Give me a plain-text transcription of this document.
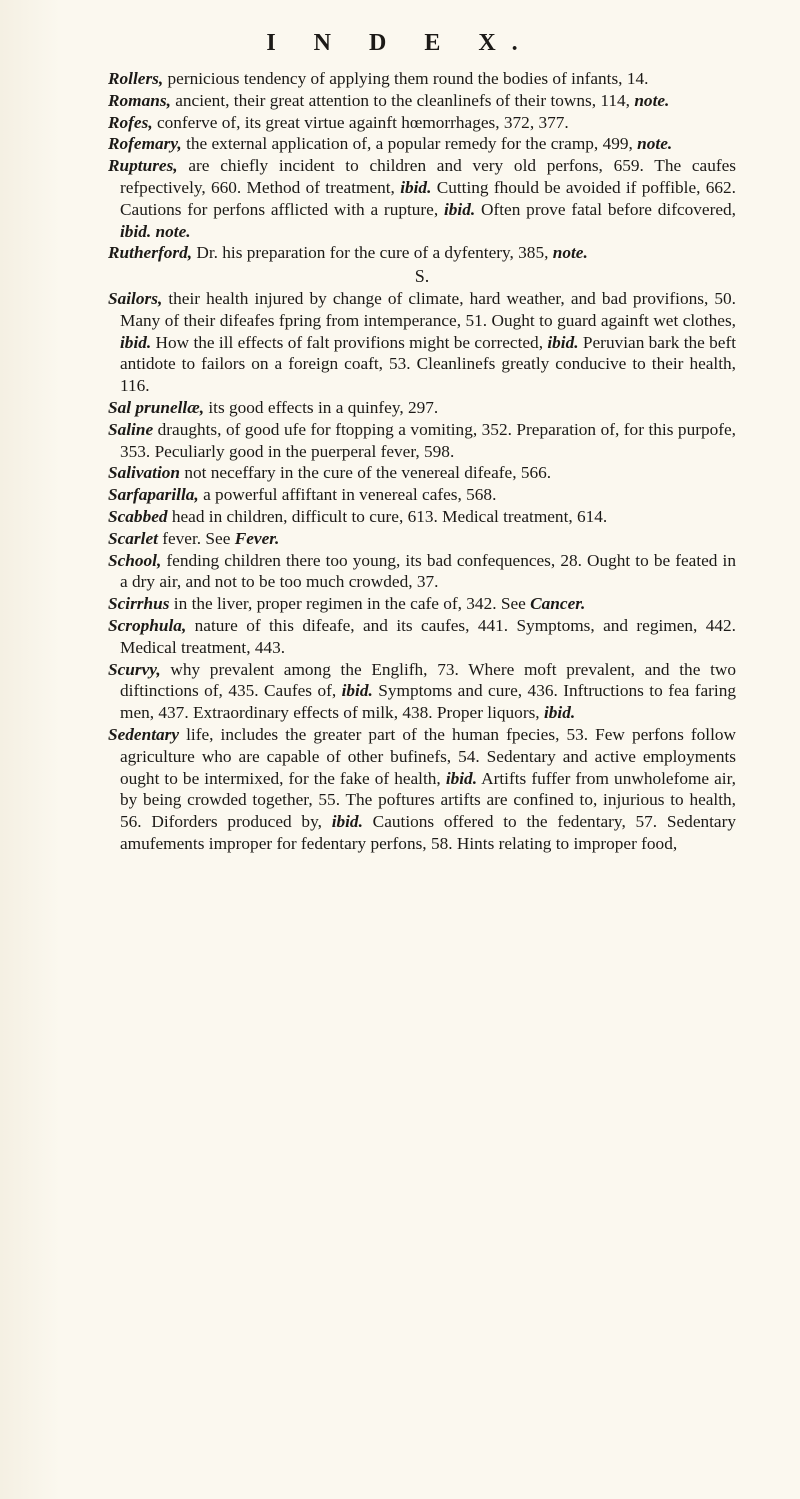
I N D E X.

Rollers, pernicious tendency of applying them round the bodies of infants, 14.

Romans, ancient, their great attention to the cleanlinefs of their towns, 114, note.

Rofes, conferve of, its great virtue againft hœmorrhages, 372, 377.

Rofemary, the external application of, a popular remedy for the cramp, 499, note.

Ruptures, are chiefly incident to children and very old perfons, 659. The caufes refpectively, 660. Method of treatment, ibid. Cutting fhould be avoided if poffible, 662. Cautions for perfons afflicted with a rupture, ibid. Often prove fatal before difcovered, ibid. note.

Rutherford, Dr. his preparation for the cure of a dyfentery, 385, note.

S.

Sailors, their health injured by change of climate, hard weather, and bad provifions, 50. Many of their difeafes fpring from intemperance, 51. Ought to guard againft wet clothes, ibid. How the ill effects of falt provifions might be corrected, ibid. Peruvian bark the beft antidote to failors on a foreign coaft, 53. Cleanlinefs greatly conducive to their health, 116.

Sal prunellæ, its good effects in a quinfey, 297.

Saline draughts, of good ufe for ftopping a vomiting, 352. Preparation of, for this purpofe, 353. Peculiarly good in the puerperal fever, 598.

Salivation not neceffary in the cure of the venereal difeafe, 566.

Sarfaparilla, a powerful affiftant in venereal cafes, 568.

Scabbed head in children, difficult to cure, 613. Medical treatment, 614.

Scarlet fever. See Fever.

School, fending children there too young, its bad confequences, 28. Ought to be feated in a dry air, and not to be too much crowded, 37.

Scirrhus in the liver, proper regimen in the cafe of, 342. See Cancer.

Scrophula, nature of this difeafe, and its caufes, 441. Symptoms, and regimen, 442. Medical treatment, 443.

Scurvy, why prevalent among the Englifh, 73. Where moft prevalent, and the two diftinctions of, 435. Caufes of, ibid. Symptoms and cure, 436. Inftructions to fea faring men, 437. Extraordinary effects of milk, 438. Proper liquors, ibid.

Sedentary life, includes the greater part of the human fpecies, 53. Few perfons follow agriculture who are capable of other bufinefs, 54. Sedentary and active employments ought to be intermixed, for the fake of health, ibid. Artifts fuffer from unwholefome air, by being crowded together, 55. The poftures artifts are confined to, injurious to health, 56. Diforders produced by, ibid. Cautions offered to the fedentary, 57. Sedentary amufements improper for fedentary perfons, 58. Hints relating to improper food,
